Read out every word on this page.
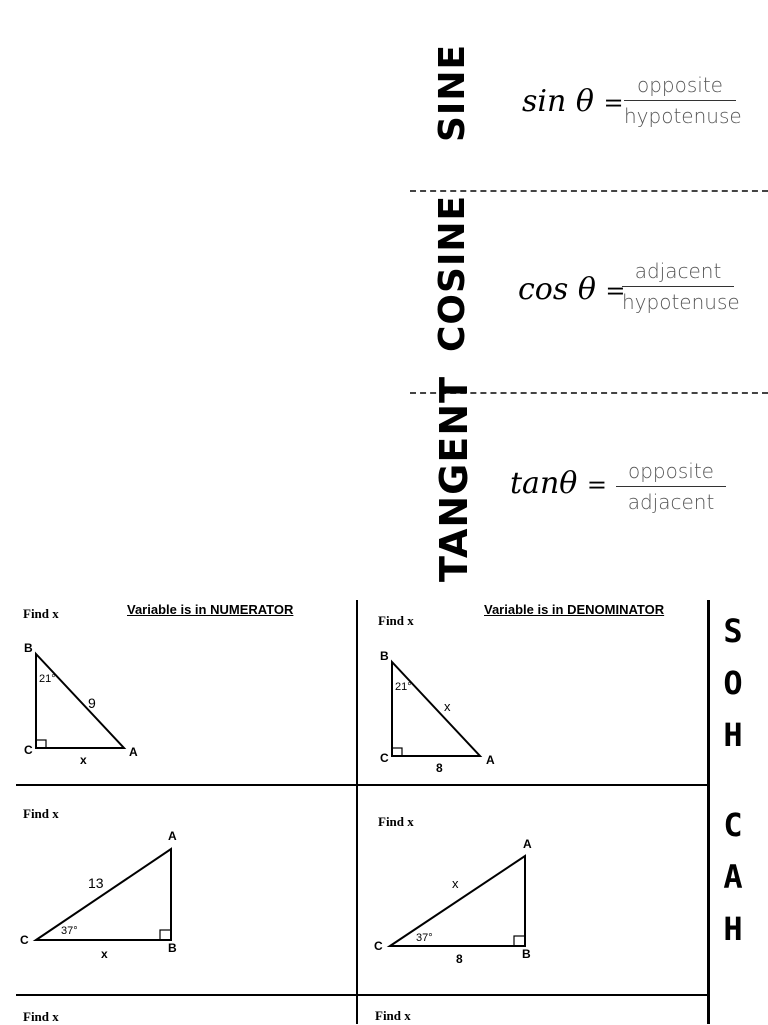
SINE sin θ =
opposite
hypotenuse
COSINE cos θ =
adjacent
hypotenuse
TANGENT tanθ =	opposite
adjacent
Variable is in NUMERATOR	Variable is in DENOMINATOR
Find x	Find x
Find x
Find x
Find x	Find x
B
C	A
21°
9
x
B
C	A
21°
x
8
A
C
B
37°
13
x
A
C
B
37°
x
8
S
O
H
C
A
H
